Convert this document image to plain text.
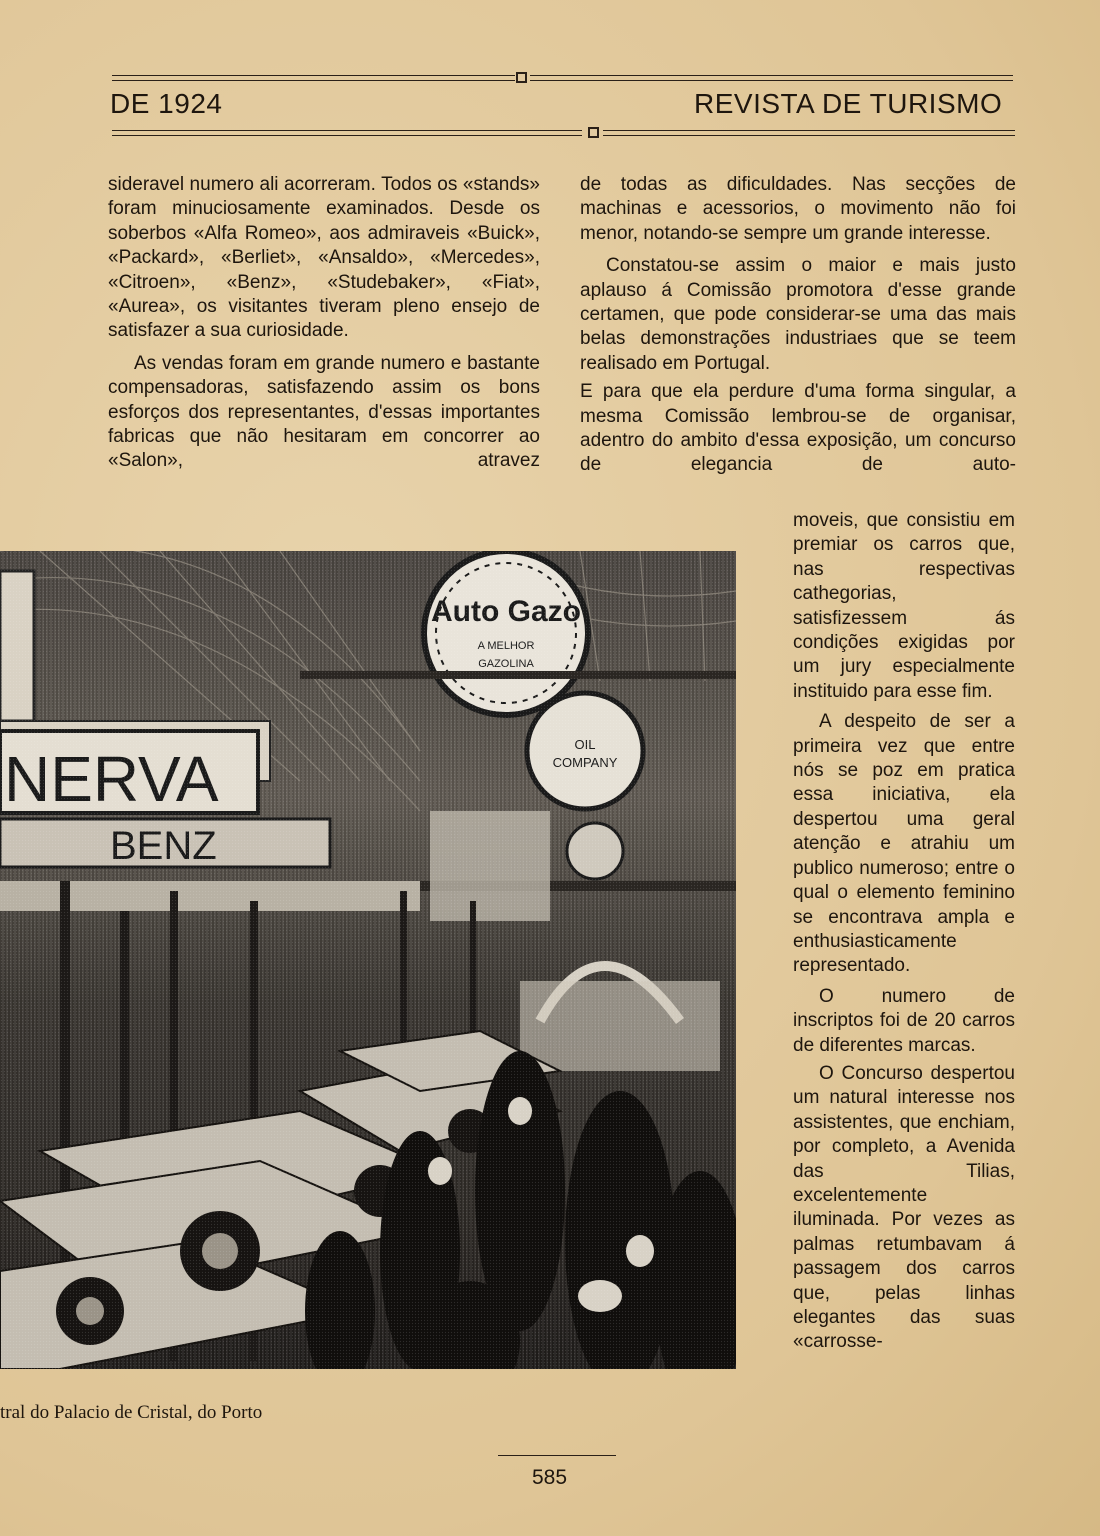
DE 1924	REVISTA DE TURISMO

sideravel numero ali acorreram. Todos os «stands» foram minuciosamente examinados. Desde os soberbos «Alfa Romeo», aos admiraveis «Buick», «Packard», «Berliet», «Ansaldo», «Mercedes», «Citroen», «Benz», «Studebaker», «Fiat», «Aurea», os visitantes tiveram pleno ensejo de satisfazer a sua curiosidade.

As vendas foram em grande numero e bastante compensadoras, satisfazendo assim os bons esforços dos representantes, d'essas importantes fabricas que não hesitaram em concorrer ao «Salon», atravez

de todas as dificuldades. Nas secções de machinas e acessorios, o movimento não foi menor, notando-se sempre um grande interesse.

Constatou-se assim o maior e mais justo aplauso á Comissão promotora d'esse grande certamen, que pode considerar-se uma das mais belas demonstrações industriaes que se teem realisado em Portugal.

E para que ela perdure d'uma forma singular, a mesma Comissão lembrou-se de organisar, adentro do ambito d'essa exposição, um concurso de elegancia de auto-

moveis, que consistiu em premiar os carros que, nas respectivas cathegorias, satisfizessem ás condições exigidas por um jury especialmente instituido para esse fim.

A despeito de ser a primeira vez que entre nós se poz em pratica essa iniciativa, ela despertou uma geral atenção e atrahiu um publico numeroso; entre o qual o elemento feminino se encontrava ampla e enthusiasticamente representado.

O numero de inscriptos foi de 20 carros de diferentes marcas.

O Concurso despertou um natural interesse nos assistentes, que enchiam, por completo, a Avenida das Tilias, excelentemente iluminada. Por vezes as palmas retumbavam á passagem dos carros que, pelas linhas elegantes das suas «carrosse-

tral do Palacio de Cristal, do Porto
585
